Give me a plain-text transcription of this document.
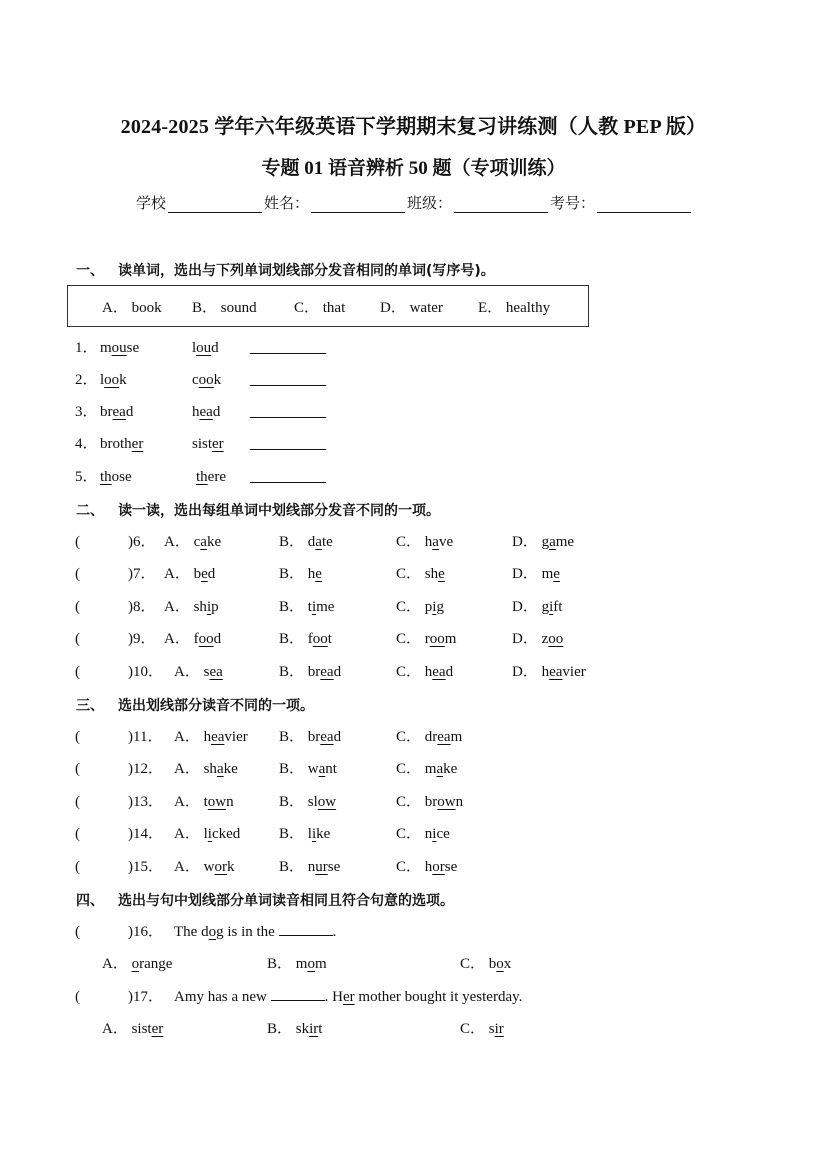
2024-2025 学年六年级英语下学期期末复习讲练测（人教 PEP 版）
专题 01 语音辨析 50 题（专项训练）
学校	姓名：	班级：	考号：
一、 读单词，选出与下列单词划线部分发音相同的单词(写序号)。
A． book B． sound C． that D． water E． healthy
1． mouse	loud
2． look	cook
3． bread	head
4． brother	sister
5． those	there
二、 读一读，选出每组单词中划线部分发音不同的一项。
(	)6． A． cake	B． date	C． have	D． game
(	)7． A． bed	B． he	C． she	D． me
(	)8． A． ship	B． time	C． pig	D． gift
(	)9． A． food	B． foot	C． room	D． zoo
(	)10． A． sea	B． bread	C． head	D． heavier
三、 选出划线部分读音不同的一项。
(	)11． A． heavier B． bread	C． dream
(	)12． A． shake	B． want	C． make
(	)13． A． town	B． slow	C． brown
(	)14． A． licked	B． like	C． nice
(	)15． A． work	B． nurse	C． horse
四、 选出与句中划线部分单词读音相同且符合句意的选项。
(	)16． The dog is in the	.
A． orange	B． mom	C． box
(	)17． Amy has a new	. Her mother bought it yesterday.
A． sister	B． skirt	C． sir
